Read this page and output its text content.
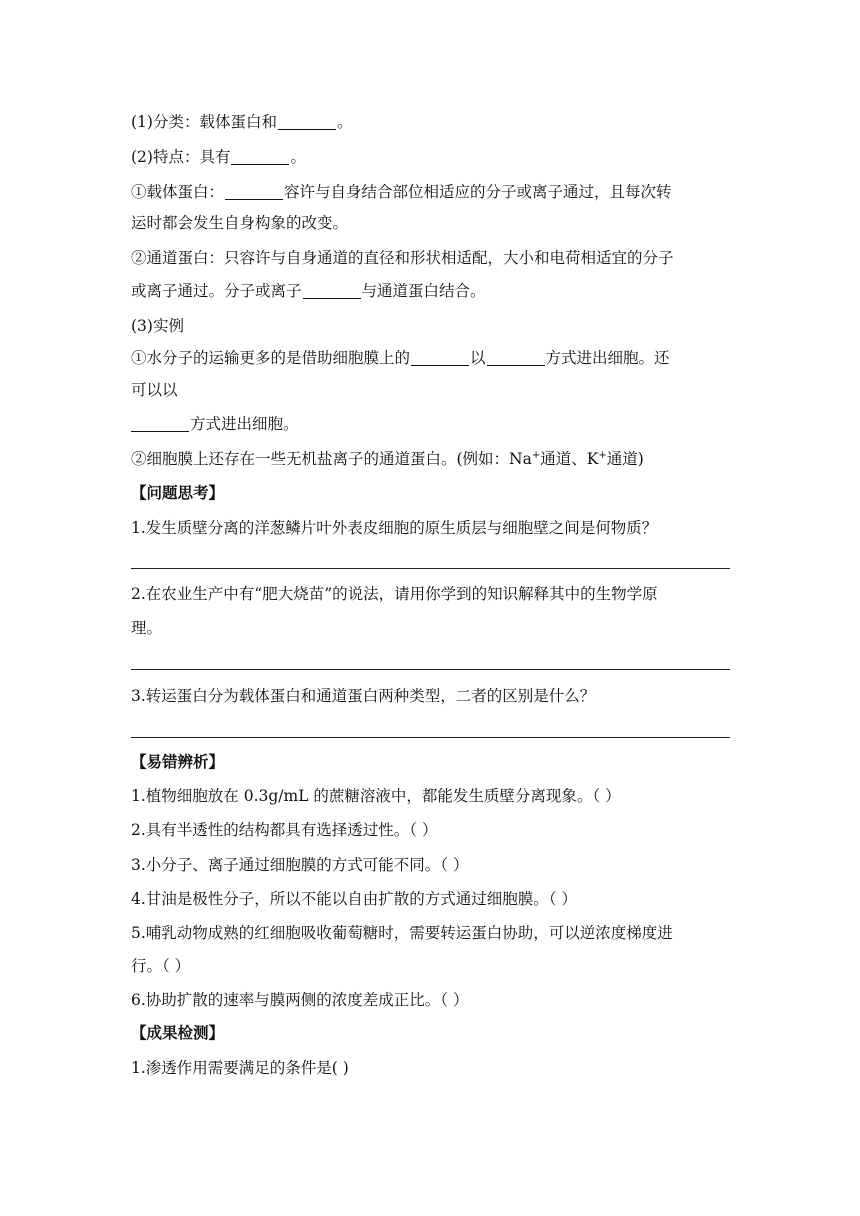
(1)分类：载体蛋白和	。
(2)特点：具有	。
①载体蛋白：	容许与自身结合部位相适应的分子或离子通过，且每次转
运时都会发生自身构象的改变。
②通道蛋白：只容许与自身通道的直径和形状相适配，大小和电荷相适宜的分子
或离子通过。分子或离子	与通道蛋白结合。
(3)实例
①水分子的运输更多的是借助细胞膜上的	以	方式进出细胞。还
可以以
方式进出细胞。
②细胞膜上还存在一些无机盐离子的通道蛋白。(例如：Na+通道、K+通道)
【问题思考】
1.发生质壁分离的洋葱鳞片叶外表皮细胞的原生质层与细胞壁之间是何物质？
2.在农业生产中有“肥大烧苗”的说法，请用你学到的知识解释其中的生物学原
理。
3.转运蛋白分为载体蛋白和通道蛋白两种类型，二者的区别是什么？
【易错辨析】
1.植物细胞放在 0.3g/mL 的蔗糖溶液中，都能发生质壁分离现象。（ ）
2.具有半透性的结构都具有选择透过性。（ ）
3.小分子、离子通过细胞膜的方式可能不同。（ ）
4.甘油是极性分子，所以不能以自由扩散的方式通过细胞膜。（ ）
5.哺乳动物成熟的红细胞吸收葡萄糖时，需要转运蛋白协助，可以逆浓度梯度进
行。（ ）
6.协助扩散的速率与膜两侧的浓度差成正比。（ ）
【成果检测】
1.渗透作用需要满足的条件是( )
